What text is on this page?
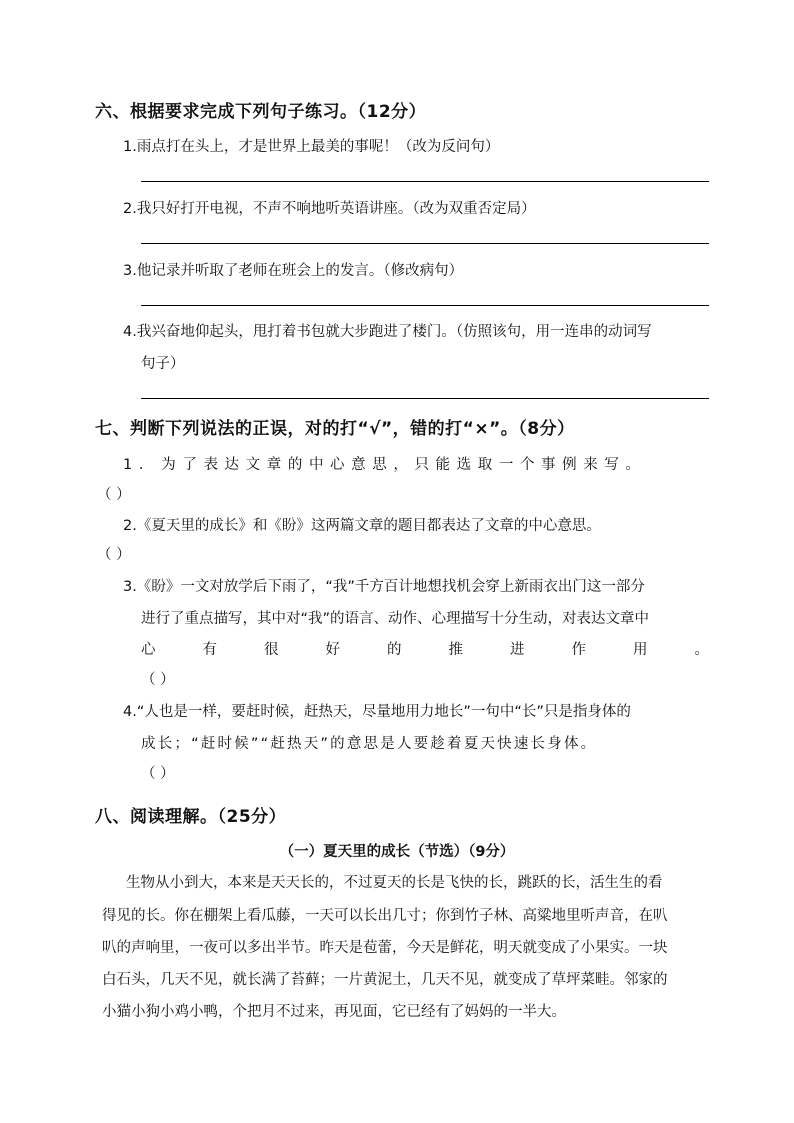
六、根据要求完成下列句子练习。（12分）
1.雨点打在头上，才是世界上最美的事呢！（改为反问句）
2.我只好打开电视，不声不响地听英语讲座。（改为双重否定局）
3.他记录并听取了老师在班会上的发言。（修改病句）
4.我兴奋地仰起头，甩打着书包就大步跑进了楼门。（仿照该句，用一连串的动词写
句子）
七、判断下列说法的正误，对的打“√”，错的打“×”。（8分）
1. 为了表达文章的中心意思，只能选取一个事例来写。
（ ）
2.《夏天里的成长》和《盼》这两篇文章的题目都表达了文章的中心意思。
（ ）
3.《盼》一文对放学后下雨了，“我”千方百计地想找机会穿上新雨衣出门这一部分
进行了重点描写，其中对“我”的语言、动作、心理描写十分生动，对表达文章中
心	有	很	好	的	推	进	作	用	。
（ ）
4.“人也是一样，要赶时候，赶热天，尽量地用力地长”一句中“长”只是指身体的
成长；“赶时候”“赶热天”的意思是人要趁着夏天快速长身体。
（ ）
八、阅读理解。（25分）
（一）夏天里的成长（节选）（9分）
生物从小到大，本来是天天长的，不过夏天的长是飞快的长，跳跃的长，活生生的看
得见的长。你在棚架上看瓜藤，一天可以长出几寸；你到竹子林、高粱地里听声音，在叭
叭的声响里，一夜可以多出半节。昨天是苞蕾，今天是鲜花，明天就变成了小果实。一块
白石头，几天不见，就长满了苔藓；一片黄泥土，几天不见，就变成了草坪菜畦。邻家的
小猫小狗小鸡小鸭，个把月不过来，再见面，它已经有了妈妈的一半大。
